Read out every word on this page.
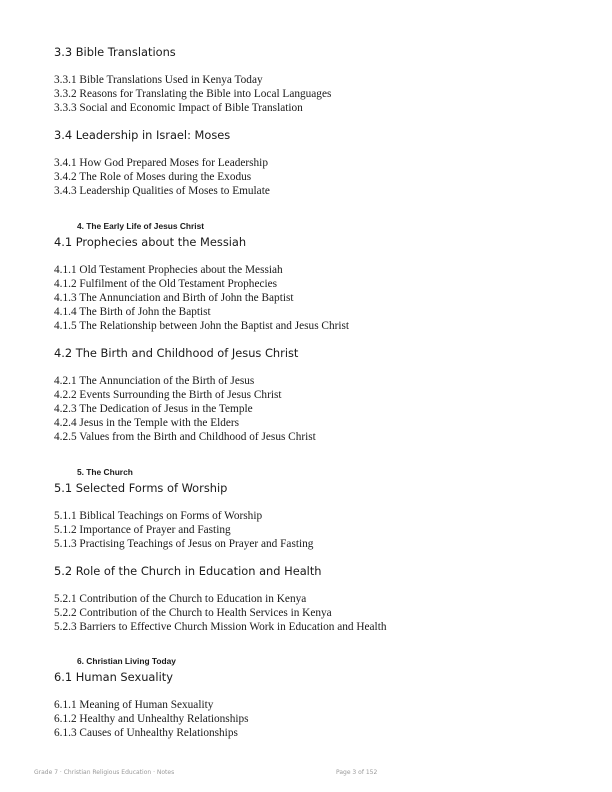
3.3 Bible Translations
3.3.1 Bible Translations Used in Kenya Today
3.3.2 Reasons for Translating the Bible into Local Languages
3.3.3 Social and Economic Impact of Bible Translation
3.4 Leadership in Israel: Moses
3.4.1 How God Prepared Moses for Leadership
3.4.2 The Role of Moses during the Exodus
3.4.3 Leadership Qualities of Moses to Emulate
4. The Early Life of Jesus Christ
4.1 Prophecies about the Messiah
4.1.1 Old Testament Prophecies about the Messiah
4.1.2 Fulfilment of the Old Testament Prophecies
4.1.3 The Annunciation and Birth of John the Baptist
4.1.4 The Birth of John the Baptist
4.1.5 The Relationship between John the Baptist and Jesus Christ
4.2 The Birth and Childhood of Jesus Christ
4.2.1 The Annunciation of the Birth of Jesus
4.2.2 Events Surrounding the Birth of Jesus Christ
4.2.3 The Dedication of Jesus in the Temple
4.2.4 Jesus in the Temple with the Elders
4.2.5 Values from the Birth and Childhood of Jesus Christ
5. The Church
5.1 Selected Forms of Worship
5.1.1 Biblical Teachings on Forms of Worship
5.1.2 Importance of Prayer and Fasting
5.1.3 Practising Teachings of Jesus on Prayer and Fasting
5.2 Role of the Church in Education and Health
5.2.1 Contribution of the Church to Education in Kenya
5.2.2 Contribution of the Church to Health Services in Kenya
5.2.3 Barriers to Effective Church Mission Work in Education and Health
6. Christian Living Today
6.1 Human Sexuality
6.1.1 Meaning of Human Sexuality
6.1.2 Healthy and Unhealthy Relationships
6.1.3 Causes of Unhealthy Relationships
Grade 7 · Christian Religious Education · Notes	Page 3 of 152
